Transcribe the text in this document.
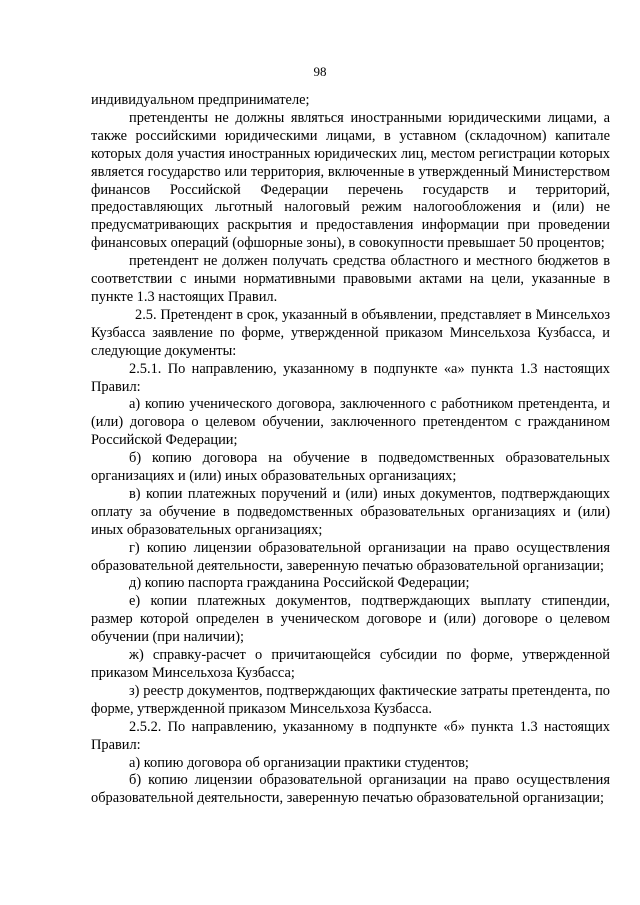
98

индивидуальном предпринимателе;

претенденты не должны являться иностранными юридическими лицами, а также российскими юридическими лицами, в уставном (складочном) капитале которых доля участия иностранных юридических лиц, местом регистрации которых является государство или территория, включенные в утвержденный Министерством финансов Российской Федерации перечень государств и территорий, предоставляющих льготный налоговый режим налогообложения и (или) не предусматривающих раскрытия и предоставления информации при проведении финансовых операций (офшорные зоны), в совокупности превышает 50 процентов;

претендент не должен получать средства областного и местного бюджетов в соответствии с иными нормативными правовыми актами на цели, указанные в пункте 1.3 настоящих Правил.

2.5. Претендент в срок, указанный в объявлении, представляет в Минсельхоз Кузбасса заявление по форме, утвержденной приказом Минсельхоза Кузбасса, и следующие документы:

2.5.1. По направлению, указанному в подпункте «а» пункта 1.3 настоящих Правил:

а) копию ученического договора, заключенного с работником претендента, и (или) договора о целевом обучении, заключенного претендентом с гражданином Российской Федерации;

б) копию договора на обучение в подведомственных образовательных организациях и (или) иных образовательных организациях;

в) копии платежных поручений и (или) иных документов, подтверждающих оплату за обучение в подведомственных образовательных организациях и (или) иных образовательных организациях;

г) копию лицензии образовательной организации на право осуществления образовательной деятельности, заверенную печатью образовательной организации;

д) копию паспорта гражданина Российской Федерации;

е) копии платежных документов, подтверждающих выплату стипендии, размер которой определен в ученическом договоре и (или) договоре о целевом обучении (при наличии);

ж) справку-расчет о причитающейся субсидии по форме, утвержденной приказом Минсельхоза Кузбасса;

з) реестр документов, подтверждающих фактические затраты претендента, по форме, утвержденной приказом Минсельхоза Кузбасса.

2.5.2. По направлению, указанному в подпункте «б» пункта 1.3 настоящих Правил:

а) копию договора об организации практики студентов;

б) копию лицензии образовательной организации на право осуществления образовательной деятельности, заверенную печатью образовательной организации;
